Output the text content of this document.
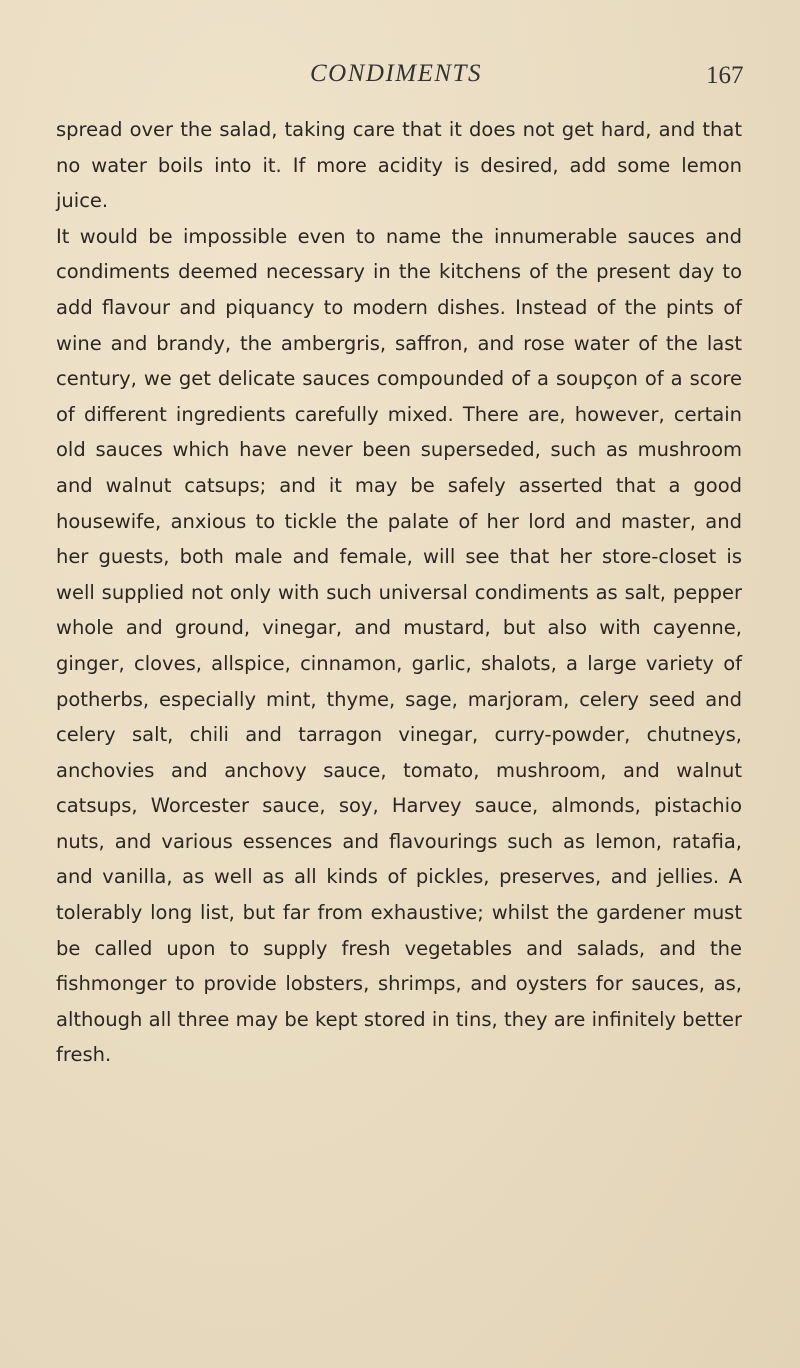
CONDIMENTS	167

spread over the salad, taking care that it does not get hard, and that no water boils into it. If more acidity is desired, add some lemon juice.

It would be impossible even to name the innumerable sauces and condiments deemed necessary in the kitchens of the present day to add flavour and piquancy to modern dishes. Instead of the pints of wine and brandy, the ambergris, saffron, and rose water of the last century, we get delicate sauces compounded of a soupçon of a score of different ingredients carefully mixed. There are, however, certain old sauces which have never been superseded, such as mushroom and walnut catsups; and it may be safely asserted that a good housewife, anxious to tickle the palate of her lord and master, and her guests, both male and female, will see that her store-closet is well supplied not only with such universal condiments as salt, pepper whole and ground, vinegar, and mustard, but also with cayenne, ginger, cloves, allspice, cinnamon, garlic, shalots, a large variety of potherbs, especially mint, thyme, sage, marjoram, celery seed and celery salt, chili and tarragon vinegar, curry-powder, chutneys, anchovies and anchovy sauce, tomato, mushroom, and walnut catsups, Worcester sauce, soy, Harvey sauce, almonds, pistachio nuts, and various essences and flavourings such as lemon, ratafia, and vanilla, as well as all kinds of pickles, preserves, and jellies. A tolerably long list, but far from exhaustive; whilst the gardener must be called upon to supply fresh vegetables and salads, and the fishmonger to provide lobsters, shrimps, and oysters for sauces, as, although all three may be kept stored in tins, they are infinitely better fresh.
